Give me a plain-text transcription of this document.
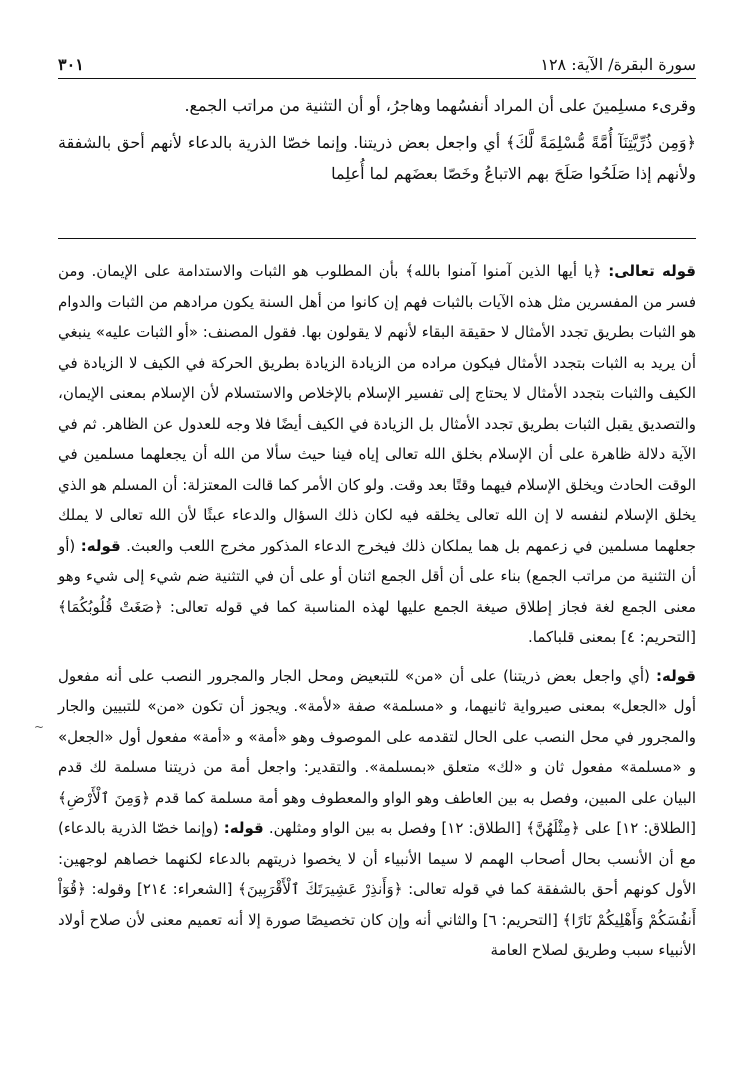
سورة البقرة/ الآية: ١٢٨
٣٠١

وقرىء مسلِمينَ على أن المراد أنفسُهما وهاجرُ، أو أن التثنية من مراتب الجمع.

﴿وَمِن ذُرِّيَّتِنَآ أُمَّةً مُّسْلِمَةً لَّكَ﴾ أي واجعل بعض ذريتنا. وإنما خصّا الذرية بالدعاء لأنهم أحق بالشفقة ولأنهم إذا صَلَحُوا صَلَحَ بهم الاتباعُ وخَصّا بعضَهم لما أُعلِما

قوله تعالى: ﴿يا أيها الذين آمنوا آمنوا بالله﴾ بأن المطلوب هو الثبات والاستدامة على الإيمان. ومن فسر من المفسرين مثل هذه الآيات بالثبات فهم إن كانوا من أهل السنة يكون مرادهم من الثبات والدوام هو الثبات بطريق تجدد الأمثال لا حقيقة البقاء لأنهم لا يقولون بها. فقول المصنف: «أو الثبات عليه» ينبغي أن يريد به الثبات بتجدد الأمثال فيكون مراده من الزيادة الزيادة بطريق الحركة في الكيف لا الزيادة في الكيف والثبات بتجدد الأمثال لا يحتاج إلى تفسير الإسلام بالإخلاص والاستسلام لأن الإسلام بمعنى الإيمان، والتصديق يقبل الثبات بطريق تجدد الأمثال بل الزيادة في الكيف أيضًا فلا وجه للعدول عن الظاهر. ثم في الآية دلالة ظاهرة على أن الإسلام بخلق الله تعالى إياه فينا حيث سألا من الله أن يجعلهما مسلمين في الوقت الحادث ويخلق الإسلام فيهما وقتًا بعد وقت. ولو كان الأمر كما قالت المعتزلة: أن المسلم هو الذي يخلق الإسلام لنفسه لا إن الله تعالى يخلقه فيه لكان ذلك السؤال والدعاء عبثًا لأن الله تعالى لا يملك جعلهما مسلمين في زعمهم بل هما يملكان ذلك فيخرج الدعاء المذكور مخرج اللعب والعبث. قوله: (أو أن التثنية من مراتب الجمع) بناء على أن أقل الجمع اثنان أو على أن في التثنية ضم شيء إلى شيء وهو معنى الجمع لغة فجاز إطلاق صيغة الجمع عليها لهذه المناسبة كما في قوله تعالى: ﴿صَغَتْ قُلُوبُكُمَا﴾ [التحريم: ٤] بمعنى قلباكما.

قوله: (أي واجعل بعض ذريتنا) على أن «من» للتبعيض ومحل الجار والمجرور النصب على أنه مفعول أول «الجعل» بمعنى صيرواية ثانيهما، و «مسلمة» صفة «لأمة». ويجوز أن تكون «من» للتبيين والجار والمجرور في محل النصب على الحال لتقدمه على الموصوف وهو «أمة» و «أمة» مفعول أول «الجعل» و «مسلمة» مفعول ثان و «لك» متعلق «بمسلمة». والتقدير: واجعل أمة من ذريتنا مسلمة لك قدم البيان على المبين، وفصل به بين العاطف وهو الواو والمعطوف وهو أمة مسلمة كما قدم ﴿وَمِنَ ٱلْأَرْضِ﴾ [الطلاق: ١٢] على ﴿مِثْلَهُنَّ﴾ [الطلاق: ١٢] وفصل به بين الواو ومثلهن. قوله: (وإنما خصّا الذرية بالدعاء) مع أن الأنسب بحال أصحاب الهمم لا سيما الأنبياء أن لا يخصوا ذريتهم بالدعاء لكنهما خصاهم لوجهين: الأول كونهم أحق بالشفقة كما في قوله تعالى: ﴿وَأَنذِرْ عَشِيرَتَكَ ٱلْأَقْرَبِينَ﴾ [الشعراء: ٢١٤] وقوله: ﴿قُوٓاْ أَنفُسَكُمْ وَأَهْلِيكُمْ نَارًا﴾ [التحريم: ٦] والثاني أنه وإن كان تخصيصًا صورة إلا أنه تعميم معنى لأن صلاح أولاد الأنبياء سبب وطريق لصلاح العامة

~
